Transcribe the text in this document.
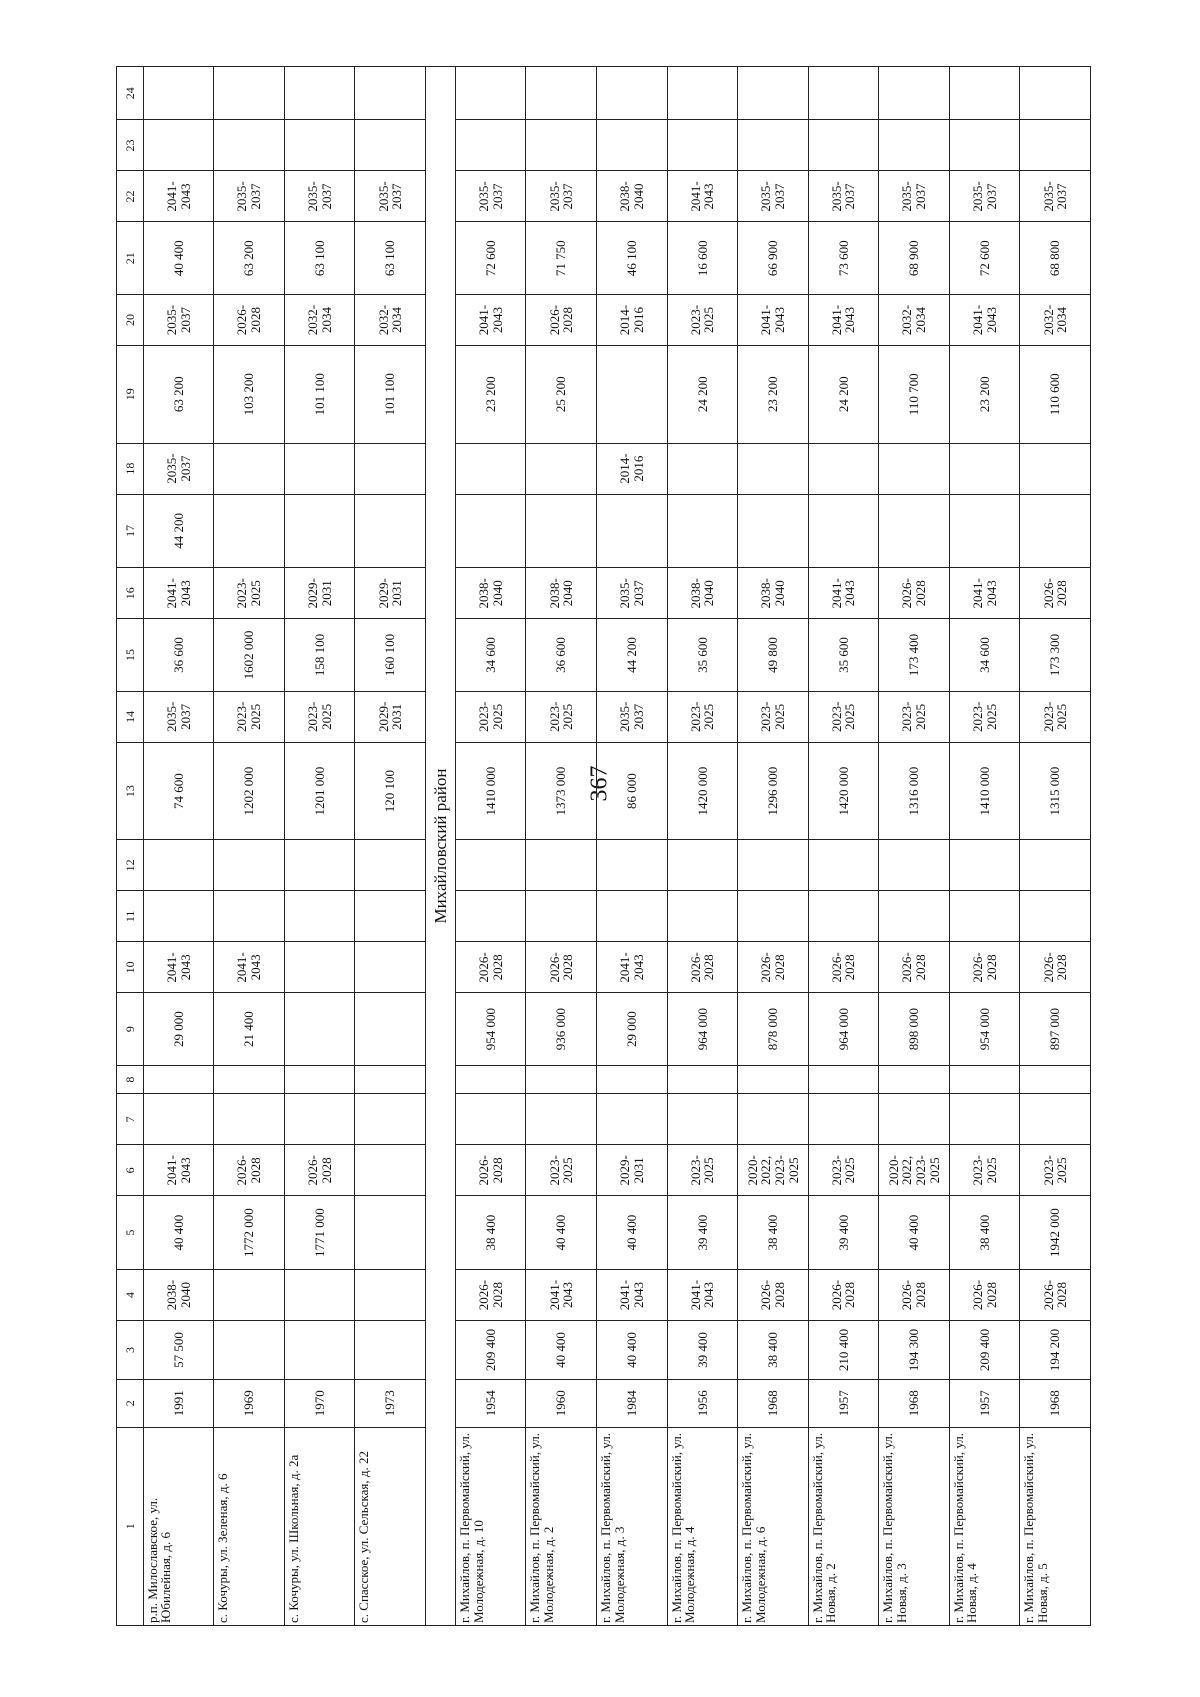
367
1	2	3	4	5	6	7	8	9	10	11	12	13	14	15	16	17	18	19	20	21	22	23	24
р.п. Милославское, ул. Юбилейная, д. 6	1991	57 500	2038-2040	40 400	2041-2043			29 000	2041-2043			74 600	2035-2037	36 600	2041-2043	44 200	2035-2037	63 200	2035-2037	40 400	2041-2043		
с. Кочуры, ул. Зеленая, д. 6	1969			1772 000	2026-2028			21 400	2041-2043			1202 000	2023-2025	1602 000	2023-2025			103 200	2026-2028	63 200	2035-2037		
с. Кочуры, ул. Школьная, д. 2а	1970			1771 000	2026-2028							1201 000	2023-2025	158 100	2029-2031			101 100	2032-2034	63 100	2035-2037		
с. Спасское, ул. Сельская, д. 22	1973											120 100	2029-2031	160 100	2029-2031			101 100	2032-2034	63 100	2035-2037		
Михайловский район																							
г. Михайлов, п. Первомайский, ул. Молодежная, д. 10	1954	209 400	2026-2028	38 400	2026-2028			954 000	2026-2028			1410 000	2023-2025	34 600	2038-2040			23 200	2041-2043	72 600	2035-2037		
г. Михайлов, п. Первомайский, ул. Молодежная, д. 2	1960	40 400	2041-2043	40 400	2023-2025			936 000	2026-2028			1373 000	2023-2025	36 600	2038-2040			25 200	2026-2028	71 750	2035-2037		
г. Михайлов, п. Первомайский, ул. Молодежная, д. 3	1984	40 400	2041-2043	40 400	2029-2031			29 000	2041-2043			86 000	2035-2037	44 200	2035-2037		2014-2016		2014-2016	46 100	2038-2040		
г. Михайлов, п. Первомайский, ул. Молодежная, д. 4	1956	39 400	2041-2043	39 400	2023-2025			964 000	2026-2028			1420 000	2023-2025	35 600	2038-2040			24 200	2023-2025	16 600	2041-2043		
г. Михайлов, п. Первомайский, ул. Молодежная, д. 6	1968	38 400	2026-2028	38 400	2020-2022, 2023-2025			878 000	2026-2028			1296 000	2023-2025	49 800	2038-2040			23 200	2041-2043	66 900	2035-2037		
г. Михайлов, п. Первомайский, ул. Новая, д. 2	1957	210 400	2026-2028	39 400	2023-2025			964 000	2026-2028			1420 000	2023-2025	35 600	2041-2043			24 200	2041-2043	73 600	2035-2037		
г. Михайлов, п. Первомайский, ул. Новая, д. 3	1968	194 300	2026-2028	40 400	2020-2022, 2023-2025			898 000	2026-2028			1316 000	2023-2025	173 400	2026-2028			110 700	2032-2034	68 900	2035-2037		
г. Михайлов, п. Первомайский, ул. Новая, д. 4	1957	209 400	2026-2028	38 400	2023-2025			954 000	2026-2028			1410 000	2023-2025	34 600	2041-2043			23 200	2041-2043	72 600	2035-2037		
г. Михайлов, п. Первомайский, ул. Новая, д. 5	1968	194 200	2026-2028	1942 000	2023-2025			897 000	2026-2028			1315 000	2023-2025	173 300	2026-2028			110 600	2032-2034	68 800	2035-2037		
